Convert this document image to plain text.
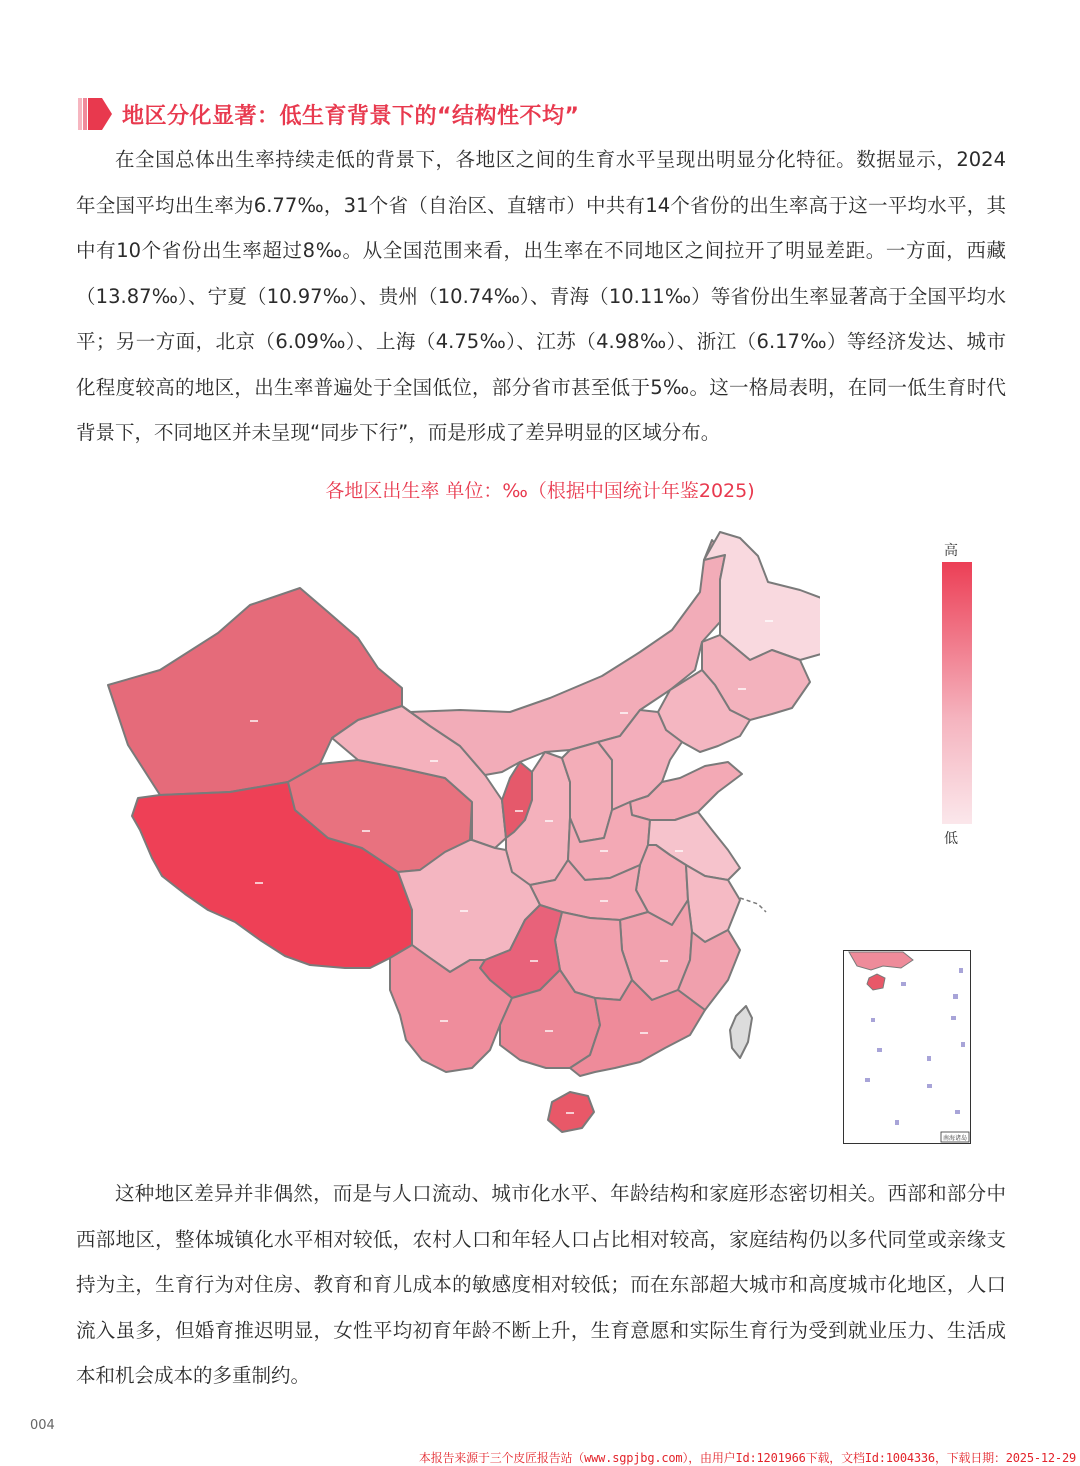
地区分化显著：低生育背景下的“结构性不均”

在全国总体出生率持续走低的背景下，各地区之间的生育水平呈现出明显分化特征。数据显示，2024 年全国平均出生率为6.77‰，31个省（自治区、直辖市）中共有14个省份的出生率高于这一平均水平，其中有10个省份出生率超过8‰。从全国范围来看，出生率在不同地区之间拉开了明显差距。一方面，西藏（13.87‰）、宁夏（10.97‰）、贵州（10.74‰）、青海（10.11‰）等省份出生率显著高于全国平均水平；另一方面，北京（6.09‰）、上海（4.75‰）、江苏（4.98‰）、浙江（6.17‰）等经济发达、城市化程度较高的地区，出生率普遍处于全国低位，部分省市甚至低于5‰。这一格局表明，在同一低生育时代背景下，不同地区并未呈现“同步下行”，而是形成了差异明显的区域分布。

各地区出生率 单位：‰（根据中国统计年鉴2025)
高
低
南海诸岛

这种地区差异并非偶然，而是与人口流动、城市化水平、年龄结构和家庭形态密切相关。西部和部分中西部地区，整体城镇化水平相对较低，农村人口和年轻人口占比相对较高，家庭结构仍以多代同堂或亲缘支持为主，生育行为对住房、教育和育儿成本的敏感度相对较低；而在东部超大城市和高度城市化地区，人口流入虽多，但婚育推迟明显，女性平均初育年龄不断上升，生育意愿和实际生育行为受到就业压力、生活成本和机会成本的多重制约。

004
本报告来源于三个皮匠报告站（www.sgpjbg.com），由用户Id:1201966下载，文档Id:1004336，下载日期：2025-12-29
